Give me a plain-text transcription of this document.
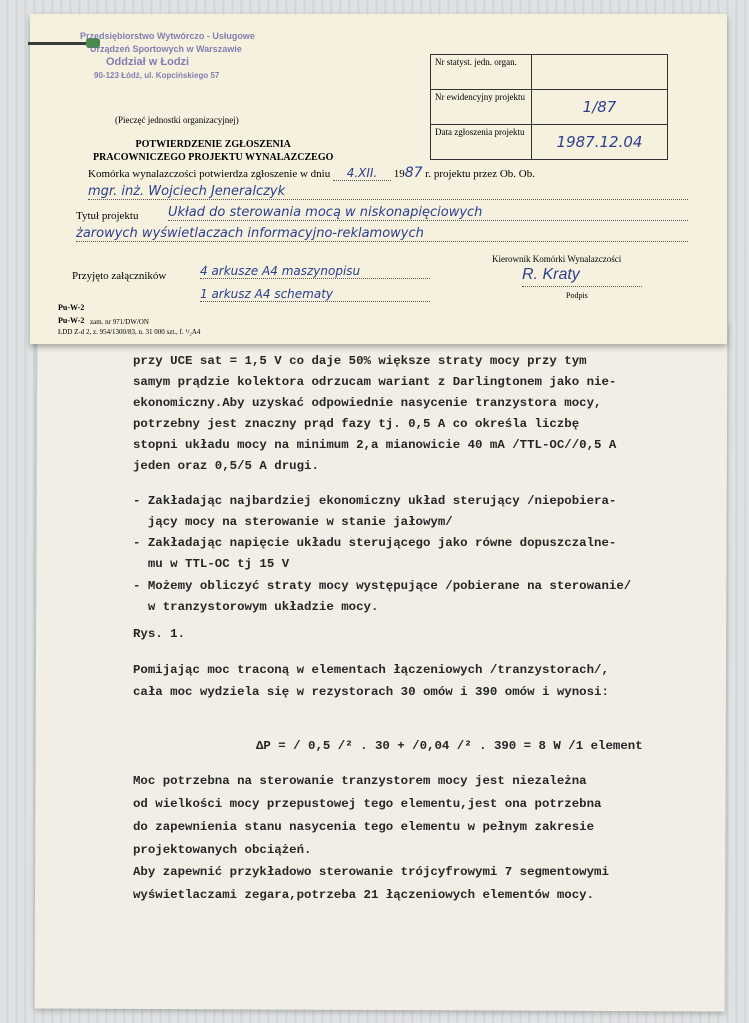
przy UCE sat = 1,5 V co daje 50% większe straty mocy przy tym
samym prądzie kolektora odrzucam wariant z Darlingtonem jako nie-
ekonomiczny.Aby uzyskać odpowiednie nasycenie tranzystora mocy,
potrzebny jest znaczny prąd fazy tj. 0,5 A co określa liczbę
stopni układu mocy na minimum 2,a mianowicie 40 mA /TTL-OC//0,5 A
jeden oraz 0,5/5 A drugi.
- Zakładając najbardziej ekonomiczny układ sterujący /niepobiera-
jący mocy na sterowanie w stanie jałowym/
- Zakładając napięcie układu sterującego jako równe dopuszczalne-
mu w TTL-OC tj 15 V
- Możemy obliczyć straty mocy występujące /pobierane na sterowanie/
w tranzystorowym układzie mocy.
Rys. 1.
Pomijając moc traconą w elementach łączeniowych /tranzystorach/,
cała moc wydziela się w rezystorach 30 omów i 390 omów i wynosi:
ΔP = / 0,5 /² . 30 + /0,04 /² . 390 = 8 W /1 element
Moc potrzebna na sterowanie tranzystorem mocy jest niezależna
od wielkości mocy przepustowej tego elementu,jest ona potrzebna
do zapewnienia stanu nasycenia tego elementu w pełnym zakresie
projektowanych obciążeń.
Aby zapewnić przykładowo sterowanie trójcyfrowymi 7 segmentowymi
wyświetlaczami zegara,potrzeba 21 łączeniowych elementów mocy.
Przedsiębiorstwo Wytwórczo - Usługowe
Urządzeń Sportowych w Warszawie
Oddział w Łodzi
90-123 Łódź, ul. Kopcińskiego 57
(Pieczęć jednostki organizacyjnej)
POTWIERDZENIE ZGŁOSZENIA
PRACOWNICZEGO PROJEKTU WYNALAZCZEGO
Nr statyst. jedn. organ.	
Nr ewidencyjny projektu	1/87
Data zgłoszenia projektu	1987.12.04
Komórka wynalazczości potwierdza zgłoszenie w dniu 4.XII. 1987 r. projektu przez Ob. Ob.
mgr. inż. Wojciech Jeneralczyk
Tytuł projektu Układ do sterowania mocą w niskonapięciowych
żarowych wyświetlaczach informacyjno-reklamowych
Przyjęto załączników	4 arkusze A4 maszynopisu
1 arkusz A4 schematy
Kierownik Komórki Wynalazczości
R. Kraty
Podpis
Pu-W-2
Pu-W-2 zam. nr 971/DW/ON
ŁDD Z-d 2, z. 954/1300/83, n. 31 000 szt., f. ¹/₂A4
